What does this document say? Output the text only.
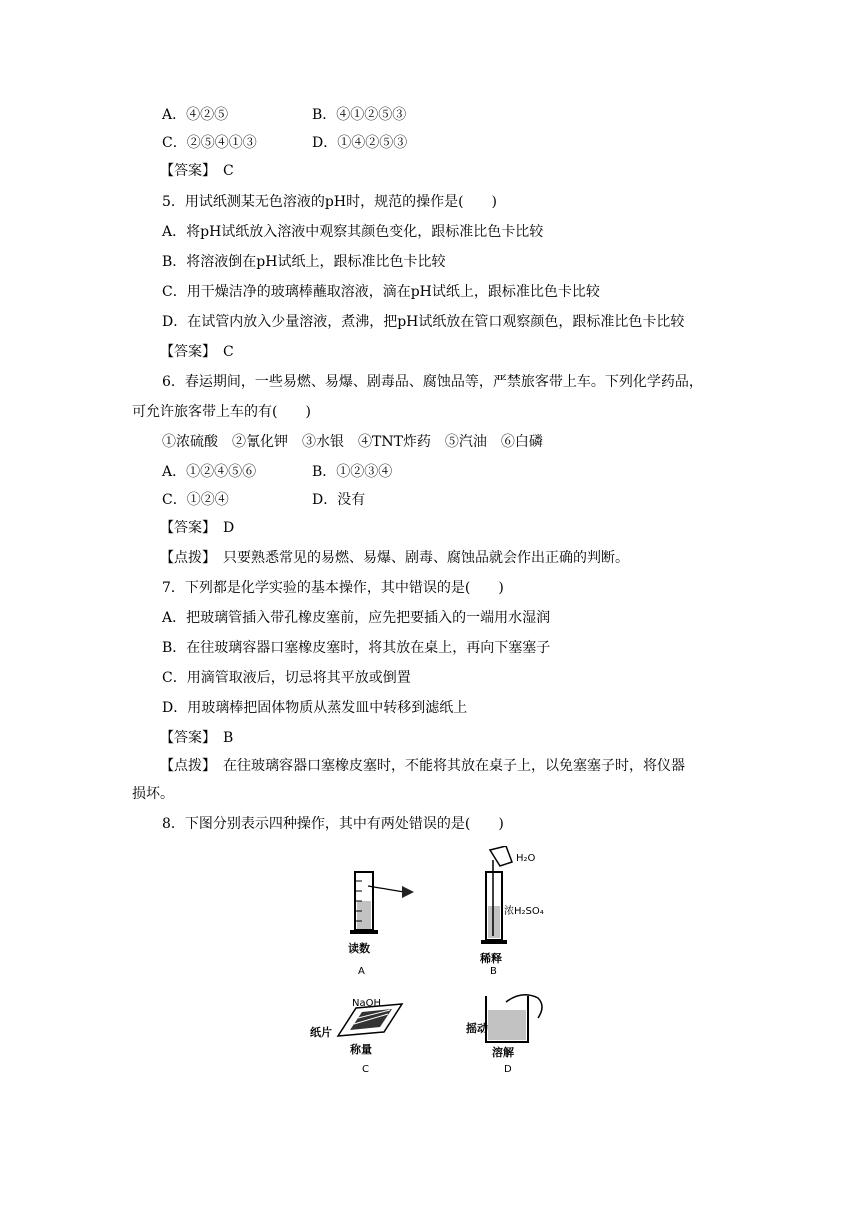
A．④②⑤	B．④①②⑤③
C．②⑤④①③	D．①④②⑤③
【答案】　C
5．用试纸测某无色溶液的pH时，规范的操作是(　　)
A．将pH试纸放入溶液中观察其颜色变化，跟标准比色卡比较
B．将溶液倒在pH试纸上，跟标准比色卡比较
C．用干燥洁净的玻璃棒蘸取溶液，滴在pH试纸上，跟标准比色卡比较
D．在试管内放入少量溶液，煮沸，把pH试纸放在管口观察颜色，跟标准比色卡比较
【答案】　C
6．春运期间，一些易燃、易爆、剧毒品、腐蚀品等，严禁旅客带上车。下列化学药品，
可允许旅客带上车的有(　　)
①浓硫酸　②氰化钾　③水银　④TNT炸药　⑤汽油　⑥白磷
A．①②④⑤⑥	B．①②③④
C．①②④	D．没有
【答案】　D
【点拨】　只要熟悉常见的易燃、易爆、剧毒、腐蚀品就会作出正确的判断。
7．下列都是化学实验的基本操作，其中错误的是(　　)
A．把玻璃管插入带孔橡皮塞前，应先把要插入的一端用水湿润
B．在往玻璃容器口塞橡皮塞时，将其放在桌上，再向下塞塞子
C．用滴管取液后，切忌将其平放或倒置
D．用玻璃棒把固体物质从蒸发皿中转移到滤纸上
【答案】　B
【点拨】　在往玻璃容器口塞橡皮塞时，不能将其放在桌子上，以免塞塞子时，将仪器
损坏。
8．下图分别表示四种操作，其中有两处错误的是(　　)
读数
A
H₂O
浓H₂SO₄
稀释
B
NaOH
纸片
称量
C
摇动
溶解
D
